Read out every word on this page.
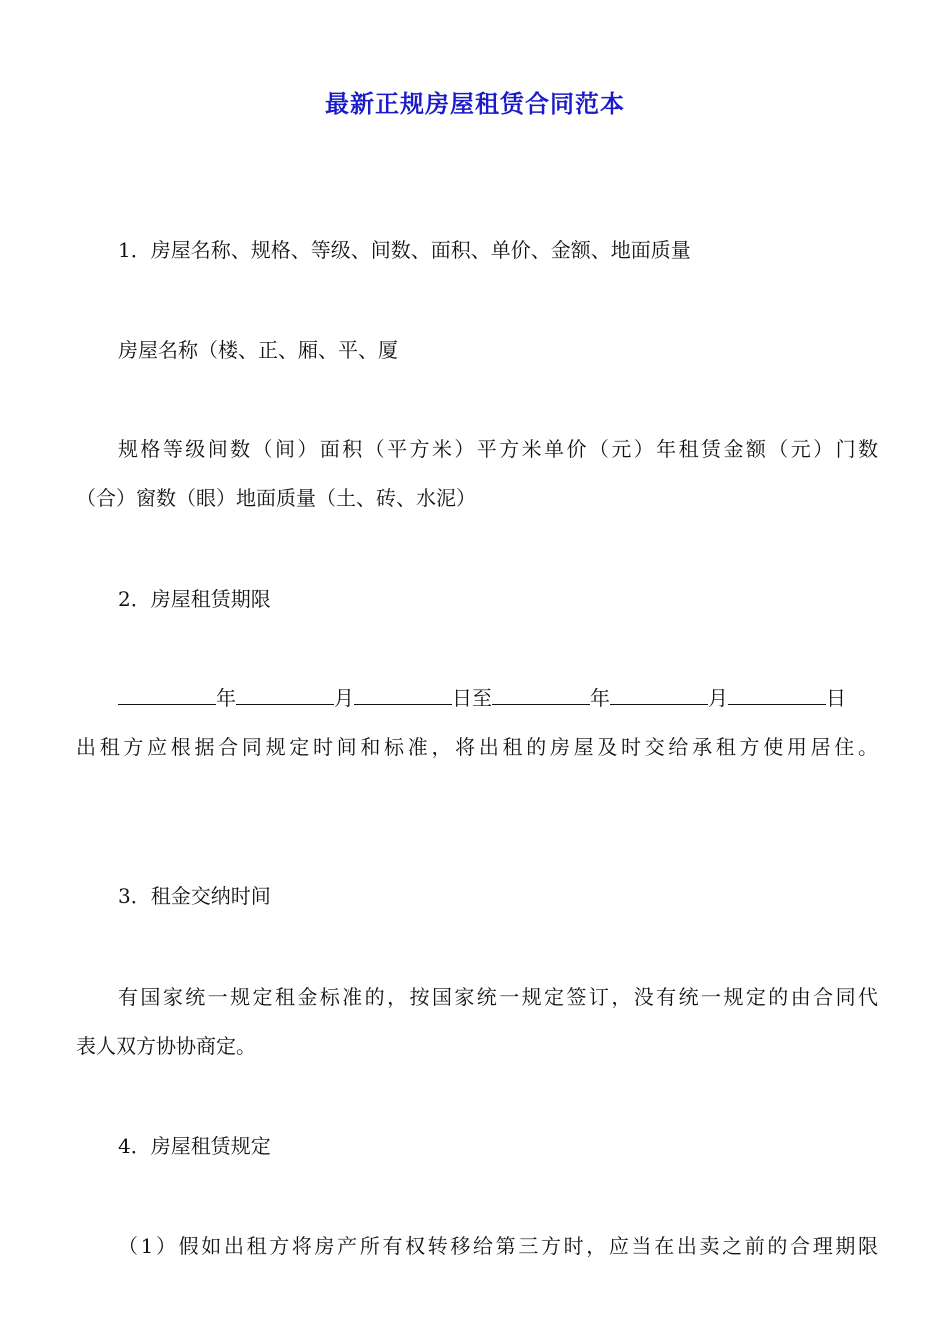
最新正规房屋租赁合同范本
1．房屋名称、规格、等级、间数、面积、单价、金额、地面质量
房屋名称（楼、正、厢、平、厦
规格等级间数（间）面积（平方米）平方米单价（元）年租赁金额（元）门数
（合）窗数（眼）地面质量（土、砖、水泥）
2．房屋租赁期限
年	月	日至	年	月	日
出租方应根据合同规定时间和标准，将出租的房屋及时交给承租方使用居住。
3．租金交纳时间
有国家统一规定租金标准的，按国家统一规定签订，没有统一规定的由合同代
表人双方协协商定。
4．房屋租赁规定
（1）假如出租方将房产所有权转移给第三方时，应当在出卖之前的合理期限
